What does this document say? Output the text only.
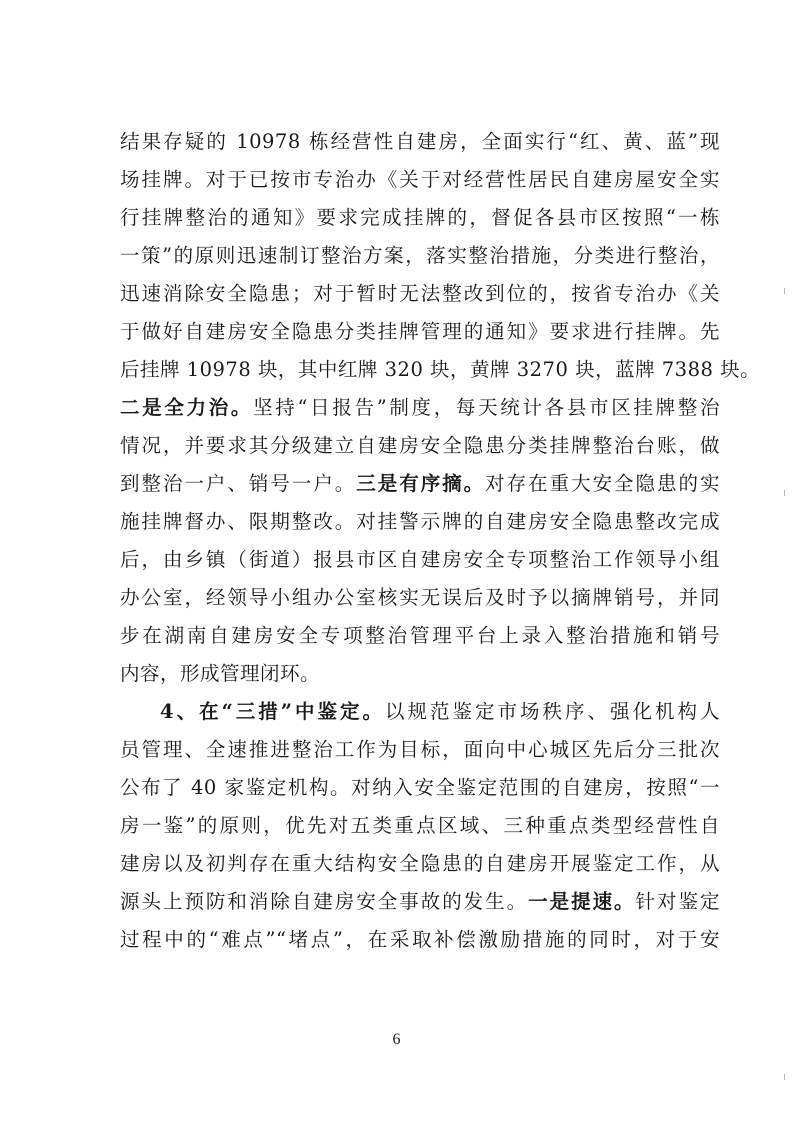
结果存疑的 10978 栋经营性自建房，全面实行“红、黄、蓝”现
场挂牌。对于已按市专治办《关于对经营性居民自建房屋安全实
行挂牌整治的通知》要求完成挂牌的，督促各县市区按照“一栋
一策”的原则迅速制订整治方案，落实整治措施，分类进行整治，
迅速消除安全隐患；对于暂时无法整改到位的，按省专治办《关
于做好自建房安全隐患分类挂牌管理的通知》要求进行挂牌。先
后挂牌 10978 块，其中红牌 320 块，黄牌 3270 块，蓝牌 7388 块。
二是全力治。坚持“日报告”制度，每天统计各县市区挂牌整治
情况，并要求其分级建立自建房安全隐患分类挂牌整治台账，做
到整治一户、销号一户。三是有序摘。对存在重大安全隐患的实
施挂牌督办、限期整改。对挂警示牌的自建房安全隐患整改完成
后，由乡镇（街道）报县市区自建房安全专项整治工作领导小组
办公室，经领导小组办公室核实无误后及时予以摘牌销号，并同
步在湖南自建房安全专项整治管理平台上录入整治措施和销号
内容，形成管理闭环。
4、在“三措”中鉴定。以规范鉴定市场秩序、强化机构人
员管理、全速推进整治工作为目标，面向中心城区先后分三批次
公布了 40 家鉴定机构。对纳入安全鉴定范围的自建房，按照“一
房一鉴”的原则，优先对五类重点区域、三种重点类型经营性自
建房以及初判存在重大结构安全隐患的自建房开展鉴定工作，从
源头上预防和消除自建房安全事故的发生。一是提速。针对鉴定
过程中的“难点”“堵点”，在采取补偿激励措施的同时，对于安
6
